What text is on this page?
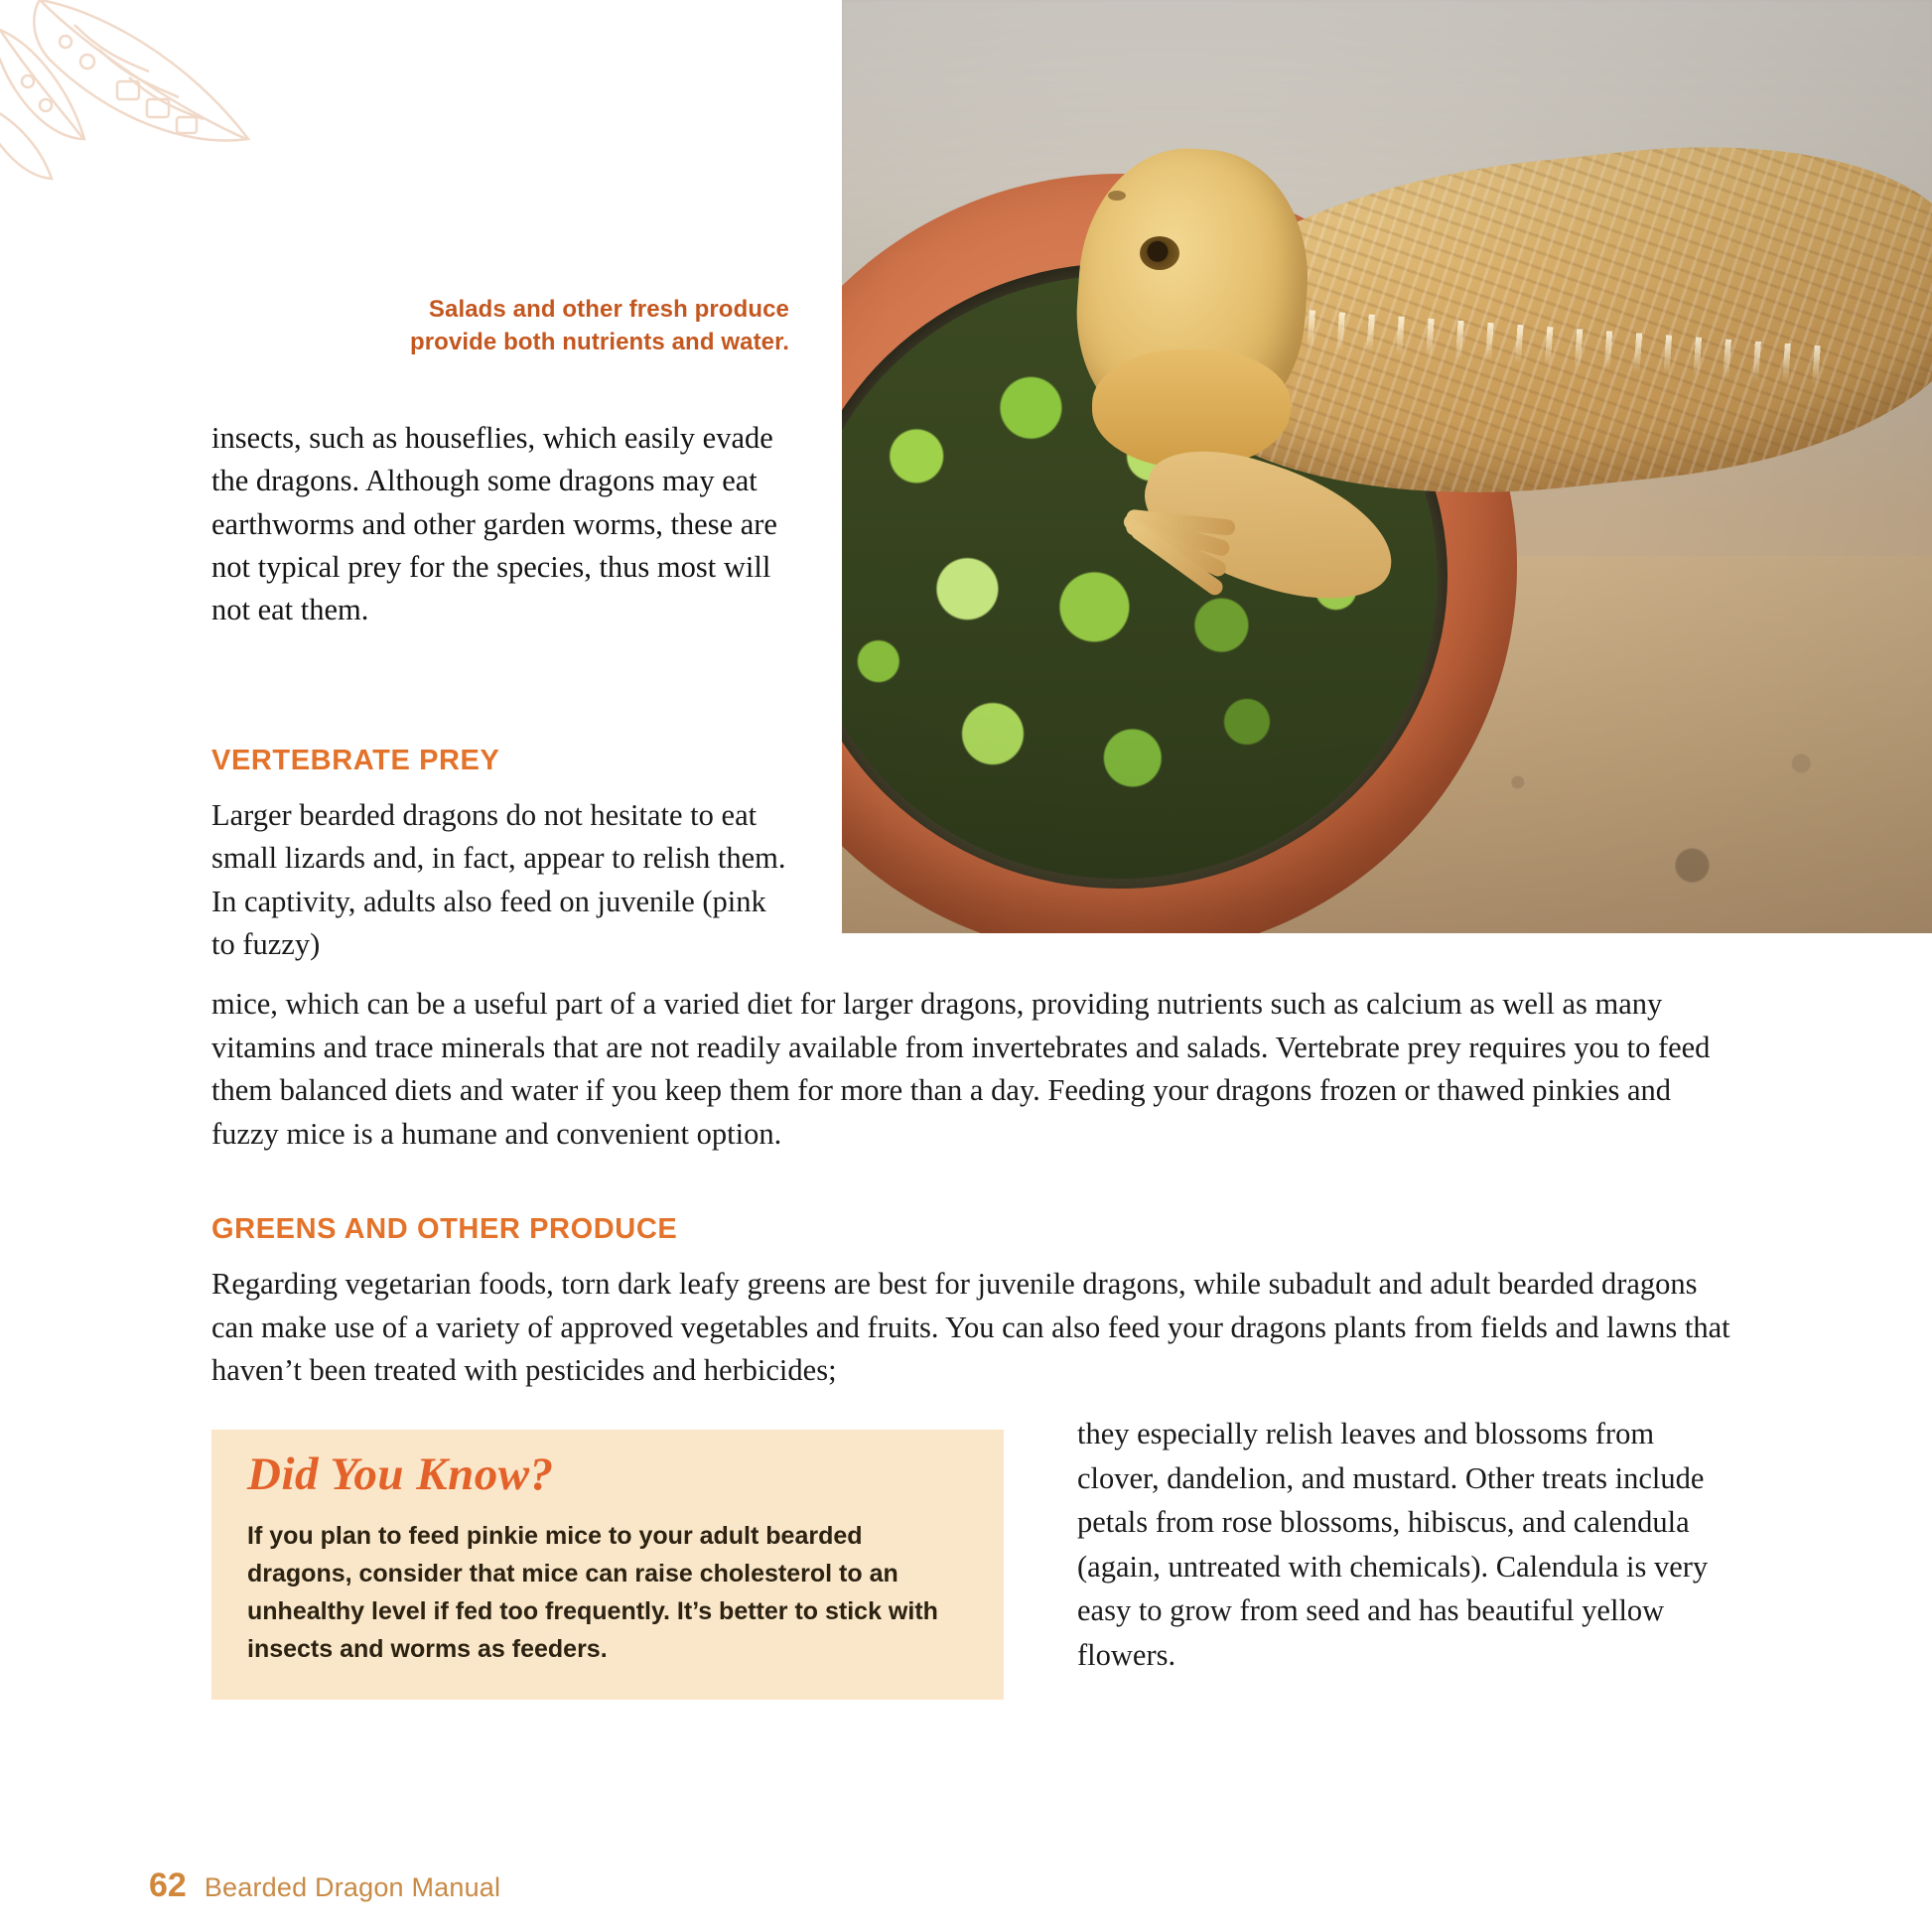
Salads and other fresh produce provide both nutrients and water.

insects, such as houseflies, which easily evade the dragons. Although some dragons may eat earthworms and other garden worms, these are not typical prey for the species, thus most will not eat them.

VERTEBRATE PREY
Larger bearded dragons do not hesitate to eat small lizards and, in fact, appear to relish them. In captivity, adults also feed on juvenile (pink to fuzzy)
mice, which can be a useful part of a varied diet for larger dragons, providing nutrients such as calcium as well as many vitamins and trace minerals that are not readily available from invertebrates and salads. Vertebrate prey requires you to feed them balanced diets and water if you keep them for more than a day. Feeding your dragons frozen or thawed pinkies and fuzzy mice is a humane and convenient option.
GREENS AND OTHER PRODUCE
Regarding vegetarian foods, torn dark leafy greens are best for juvenile dragons, while subadult and adult bearded dragons can make use of a variety of approved vegetables and fruits. You can also feed your dragons plants from fields and lawns that haven’t been treated with pesticides and herbicides;
Did You Know?
If you plan to feed pinkie mice to your adult bearded dragons, consider that mice can raise cholesterol to an unhealthy level if fed too frequently. It’s better to stick with insects and worms as feeders.
they especially relish leaves and blossoms from clover, dandelion, and mustard. Other treats include petals from rose blossoms, hibiscus, and calendula (again, untreated with chemicals). Calendula is very easy to grow from seed and has beautiful yellow flowers.
62 Bearded Dragon Manual
